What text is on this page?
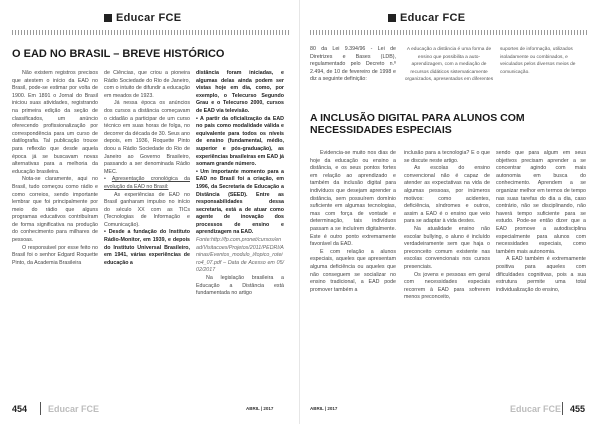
Educar FCE
O EAD NO BRASIL – BREVE HISTÓRICO

Não existem registros precisos que atestem o início da EAD no Brasil, pode-se estimar por volta de 1900. Em 1891 o Jornal do Brasil iniciou suas atividades, registrando na primeira edição da seção de classificados, um anúncio oferecendo profissionalização por correspondência para um curso de datilografia. Tal publicação trouxe para reflexão que desde aquela época já se buscavam novas alternativas para a melhoria da educação brasileira.

Nota-se claramente, aqui no Brasil, tudo começou como rádio e como correios, sendo importante lembrar que foi principalmente por meio do rádio que alguns programas educativos contribuíram de forma significativa na produção do conhecimento para milhares de pessoas.

O responsável por esse feito no Brasil foi o senhor Edgard Roquette Pinto, da Academia Brasileira

de Ciências, que criou a pioneira Rádio Sociedade do Rio de Janeiro, com o intuito de difundir a educação em meados de 1923.

Já nessa época os anúncios dos cursos a distância começavam o cidadão a participar de um curso técnico em suas horas de folga, no decorrer da década de 30. Seus ano depois, em 1936, Roquette Pinto doou a Rádio Sociedade do Rio de Janeiro ao Governo Brasileiro, passando a ser denominada Rádio MEC.

• Apresentação cronológica da evolução da EAD no Brasil:

As experiências de EAD no Brasil ganharam impulso no início do século XX com as TICs (Tecnologias de Informação e Comunicação).

• Desde a fundação do Instituto Rádio-Monitor, em 1939, e depois do Instituto Universal Brasileiro, em 1941, várias experiências de educação a

distância foram iniciadas, e algumas delas ainda podem ser vistas hoje em dia, como, por exemplo, o Telecurso Segundo Grau e o Telecurso 2000, cursos de EAD via televisão.

• A partir da oficialização da EAD no país como modalidade válida e equivalente para todos os níveis de ensino (fundamental, médio, superior e pós-graduação), as experiências brasileiras em EAD já somam grande número.

• Um importante momento para a EAD no Brasil foi a criação, em 1996, da Secretaria de Educação a Distância (SEED). Entre as responsabilidades dessa secretaria, está a de atuar como agente de inovação dos processos de ensino e aprendizagem na EAD.

Fonte:http://fp.com.pronet/cursos/enad/Visitacoes/Projetos/2011/PEDRI/Aninas/Eventos_modulo_i/topico_roteiro4_07.pdf – Data de Acesso em 05/02/2017

Na legislação brasileira a Educação a Distância está fundamentada no artigo

454 Educar FCE	ABRIL | 2017
Educar FCE

80 da Lei 9.394/96 - Lei de Diretrizes e Bases (LDB), regulamentado pelo Decreto n.º 2.494, de 10 de fevereiro de 1998 e diz a seguinte definição:

A educação a distância é uma forma de ensino que possibilita a auto-aprendizagem, com a mediação de recursos didáticos sistematicamente organizados, apresentados em diferentes

suportes de informação, utilizados isoladamente ou combinados, e veiculados pelos diversos meios de comunicação.

A INCLUSÃO DIGITAL PARA ALUNOS COM NECESSIDADES ESPECIAIS

Evidencia-se muito nos dias de hoje da educação ou ensino a distância, e os seus pontos fortes em relação ao aprendizado e também da inclusão digital para indivíduos que desejam aprender a distância, sem possuírem domínio suficiente em algumas tecnologias, mas com força de vontade e determinação, tais indivíduos passam a se incluírem digitalmente. Este é outro ponto extremamente favorável da EAD.

E com relação a alunos especiais, aqueles que apresentam alguma deficiência ou aqueles que não conseguem se socializar no ensino tradicional, a EAD pode promover também a

inclusão para a tecnologia? E o que se discute neste artigo.

As escolas do ensino convencional não é capaz de atender as expectativas na vida de algumas pessoas, por inúmeros motivos: como acidentes, deficiência, síndromes e outros, assim a EAD é o ensino que veio para se adaptar à vida destes.

Na atualidade ensino não escolar bullying, o aluno é incluído verdadeiramente sem que haja o preconceito comum existente nas escolas convencionais nos cursos presenciais.

Os jovens e pessoas em geral com necessidades especiais recorrem à EAD para sofrerem menos preconceito,

sendo que para algum em seus objetivos precisam aprender a se concentrar agindo com mais autonomia em busca do conhecimento. Aprendem a se organizar melhor em termos de tempo nas suas tarefas do dia a dia, caso contrário, não se disciplinando, não haverá tempo suficiente para se estudo. Pode-se então dizer que a EAD promove a autodisciplina especialmente para alunos com necessidades especiais, como também mais autonomia.

A EAD também é extremamente positiva para aqueles com dificuldades cognitivas, pois a sua estrutura permite uma total individualização do ensino,

ABRIL | 2017	Educar FCE 455
